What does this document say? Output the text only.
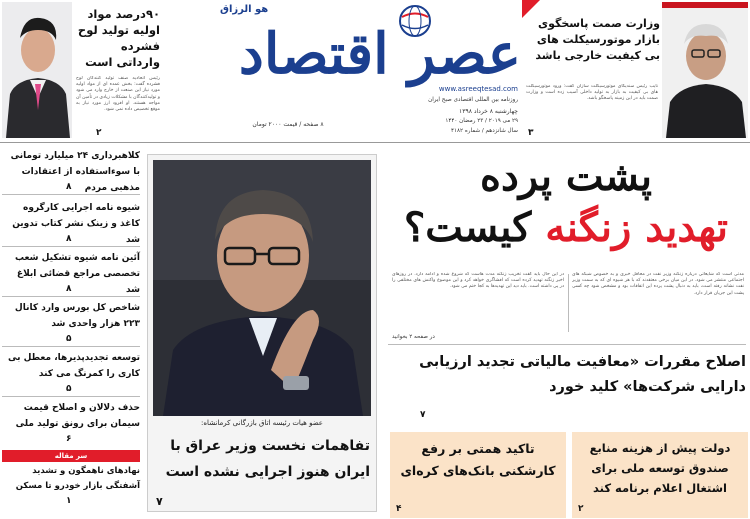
۹۰درصد مواد اولیه تولید لوح فشرده وارداتی است
رئیس اتحادیه صنف تولید کنندگان لوح فشرده گفت: بخش عمده ای از مواد اولیه مورد نیاز این صنعت از خارج وارد می شود و تولیدکنندگان با مشکلات زیادی در تأمین آن مواجه هستند. او افزود ارز مورد نیاز به موقع تخصیص داده نمی شود.
۲
هو الرزاق
عصر اقتصاد
www.asreeqtesad.com
روزنامه بین المللی اقتصادی صبح ایران
چهارشنبه ۸ خرداد ۱۳۹۸
۲۹ می ۲۰۱۹ / ۲۳ رمضان ۱۴۴۰
سال شانزدهم / شماره ۴۱۸۲
۸ صفحه / قیمت ۲۰۰۰ تومان
وزارت صمت پاسخگوی بازار موتورسیکلت های بی کیفیت خارجی باشد
نایب رئیس سندیکای موتورسیکلت سازان گفت: ورود موتورسیکلت های بی کیفیت به بازار به تولید داخلی آسیب زده است و وزارت صمت باید در این زمینه پاسخگو باشد.
۳
کلاهبرداری ۲۴ میلیارد تومانی با سوءاستفاده از اعتقادات مذهبی مردم
۸
شیوه نامه اجرایی کارگروه کاغذ و زینک نشر کتاب تدوین شد
۸
آئین نامه شیوه تشکیل شعب تخصصی مراجع قضائی ابلاغ شد
۸
شاخص کل بورس وارد کانال ۲۲۳ هزار واحدی شد
۵
توسعه تجدیدپذیرها، معطل بی کاری را کمرنگ می کند
۵
حذف دلالان و اصلاح قیمت سیمان برای رونق تولید ملی
۶
سر مقاله
نهادهای ناهمگون و تشدید آشفتگی بازار خودرو تا مسکن
۱
عضو هیات رئیسه اتاق بازرگانی کرمانشاه:
تفاهمات نخست وزیر عراق با ایران هنوز اجرایی نشده است
۷
پشت پرده
تهدید زنگنه کیست؟
مدتی است که شایعاتی درباره زنگنه وزیر نفت در محافل خبری و به خصوص شبکه های اجتماعی منتشر می شود. در این میان برخی معتقدند که با هر شیوه ای که به سمت وزیر نفت نشانه رفته است، باید به دنبال پشت پرده این اتفاقات بود و مشخص شود چه کسی پشت این جریان قرار دارد.
در این حال باید گفت تخریب زنگنه مدت هاست که شروع شده و ادامه دارد. در روزهای اخیر زنگنه تهدید کرده است که افشاگری خواهد کرد و این موضوع واکنش های مختلفی را در پی داشته است. باید دید این تهدیدها به کجا ختم می شود.
در صفحه ۲ بخوانید
اصلاح مقررات «معافیت مالیاتی تجدید ارزیابی دارایی شرکت‌ها» کلید خورد
۷
دولت پیش از هزینه منابع صندوق توسعه ملی برای اشتغال اعلام برنامه کند
۲
تاکید همتی بر رفع کارشکنی بانک‌های کره‌ای
۴
